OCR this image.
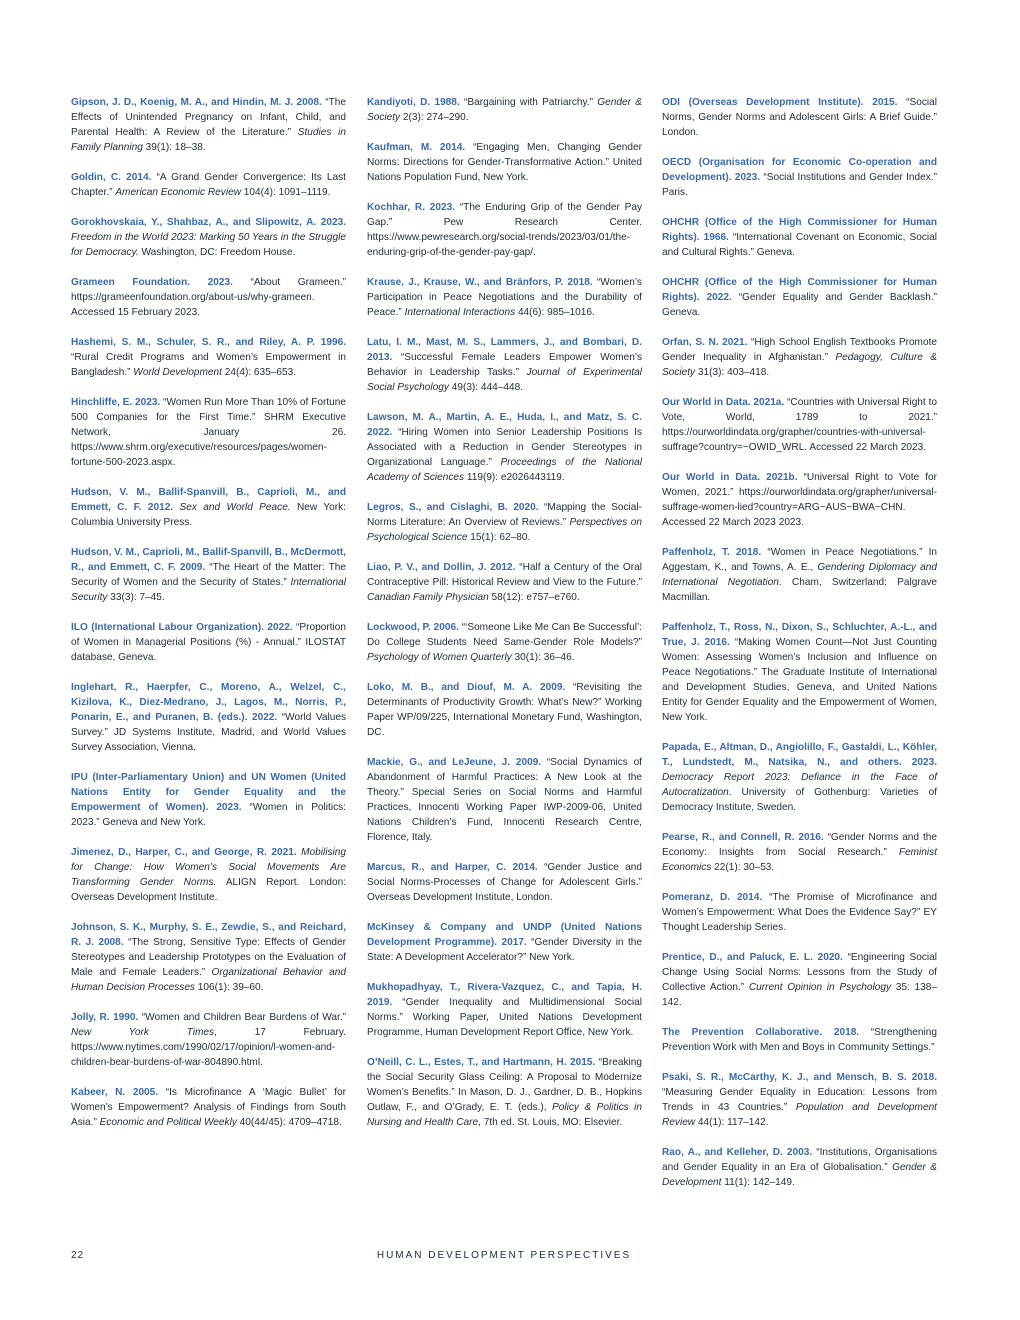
Gipson, J. D., Koenig, M. A., and Hindin, M. J. 2008. “The Effects of Unintended Pregnancy on Infant, Child, and Parental Health: A Review of the Literature.” Studies in Family Planning 39(1): 18–38.

Goldin, C. 2014. “A Grand Gender Convergence: Its Last Chapter.” American Economic Review 104(4): 1091–1119.

Gorokhovskaia, Y., Shahbaz, A., and Slipowitz, A. 2023. Freedom in the World 2023: Marking 50 Years in the Struggle for Democracy. Washington, DC: Freedom House.

Grameen Foundation. 2023. “About Grameen.” https://grameenfoundation.org/about-us/why-grameen. Accessed 15 February 2023.

Hashemi, S. M., Schuler, S. R., and Riley, A. P. 1996. “Rural Credit Programs and Women’s Empowerment in Bangladesh.” World Development 24(4): 635–653.

Hinchliffe, E. 2023. “Women Run More Than 10% of Fortune 500 Companies for the First Time.” SHRM Executive Network, January 26. https://www.shrm.org/executive/resources/pages/women-fortune-500-2023.aspx.

Hudson, V. M., Ballif-Spanvill, B., Caprioli, M., and Emmett, C. F. 2012. Sex and World Peace. New York: Columbia University Press.

Hudson, V. M., Caprioli, M., Ballif-Spanvill, B., McDermott, R., and Emmett, C. F. 2009. “The Heart of the Matter: The Security of Women and the Security of States.” International Security 33(3): 7–45.

ILO (International Labour Organization). 2022. “Proportion of Women in Managerial Positions (%) - Annual.” ILOSTAT database, Geneva.

Inglehart, R., Haerpfer, C., Moreno, A., Welzel, C., Kizilova, K., Diez-Medrano, J., Lagos, M., Norris, P., Ponarin, E., and Puranen, B. (eds.). 2022. “World Values Survey.” JD Systems Institute, Madrid, and World Values Survey Association, Vienna.

IPU (Inter-Parliamentary Union) and UN Women (United Nations Entity for Gender Equality and the Empowerment of Women). 2023. “Women in Politics: 2023.” Geneva and New York.

Jimenez, D., Harper, C., and George, R. 2021. Mobilising for Change: How Women’s Social Movements Are Transforming Gender Norms. ALIGN Report. London: Overseas Development Institute.

Johnson, S. K., Murphy, S. E., Zewdie, S., and Reichard, R. J. 2008. “The Strong, Sensitive Type: Effects of Gender Stereotypes and Leadership Prototypes on the Evaluation of Male and Female Leaders.” Organizational Behavior and Human Decision Processes 106(1): 39–60.

Jolly, R. 1990. “Women and Children Bear Burdens of War.” New York Times, 17 February. https://www.nytimes.com/1990/02/17/opinion/l-women-and-children-bear-burdens-of-war-804890.html.

Kabeer, N. 2005. “Is Microfinance A ‘Magic Bullet’ for Women’s Empowerment? Analysis of Findings from South Asia.” Economic and Political Weekly 40(44/45): 4709–4718.

Kandiyoti, D. 1988. “Bargaining with Patriarchy.” Gender & Society 2(3): 274–290.

Kaufman, M. 2014. “Engaging Men, Changing Gender Norms: Directions for Gender-Transformative Action.” United Nations Population Fund, New York.

Kochhar, R. 2023. “The Enduring Grip of the Gender Pay Gap.” Pew Research Center. https://www.pewresearch.org/social-trends/2023/03/01/the-enduring-grip-of-the-gender-pay-gap/.

Krause, J., Krause, W., and Bränfors, P. 2018. “Women’s Participation in Peace Negotiations and the Durability of Peace.” International Interactions 44(6): 985–1016.

Latu, I. M., Mast, M. S., Lammers, J., and Bombari, D. 2013. “Successful Female Leaders Empower Women’s Behavior in Leadership Tasks.” Journal of Experimental Social Psychology 49(3): 444–448.

Lawson, M. A., Martin, A. E., Huda, I., and Matz, S. C. 2022. “Hiring Women into Senior Leadership Positions Is Associated with a Reduction in Gender Stereotypes in Organizational Language.” Proceedings of the National Academy of Sciences 119(9): e2026443119.

Legros, S., and Cislaghi, B. 2020. “Mapping the Social-Norms Literature: An Overview of Reviews.” Perspectives on Psychological Science 15(1): 62–80.

Liao, P. V., and Dollin, J. 2012. “Half a Century of the Oral Contraceptive Pill: Historical Review and View to the Future.” Canadian Family Physician 58(12): e757–e760.

Lockwood, P. 2006. “‘Someone Like Me Can Be Successful’: Do College Students Need Same-Gender Role Models?” Psychology of Women Quarterly 30(1): 36–46.

Loko, M. B., and Diouf, M. A. 2009. “Revisiting the Determinants of Productivity Growth: What’s New?” Working Paper WP/09/225, International Monetary Fund, Washington, DC.

Mackie, G., and LeJeune, J. 2009. “Social Dynamics of Abandonment of Harmful Practices: A New Look at the Theory.” Special Series on Social Norms and Harmful Practices, Innocenti Working Paper IWP-2009-06, United Nations Children’s Fund, Innocenti Research Centre, Florence, Italy.

Marcus, R., and Harper, C. 2014. “Gender Justice and Social Norms-Processes of Change for Adolescent Girls.” Overseas Development Institute, London.

McKinsey & Company and UNDP (United Nations Development Programme). 2017. “Gender Diversity in the State: A Development Accelerator?” New York.

Mukhopadhyay, T., Rivera-Vazquez, C., and Tapia, H. 2019. “Gender Inequality and Multidimensional Social Norms.” Working Paper, United Nations Development Programme, Human Development Report Office, New York.

O’Neill, C. L., Estes, T., and Hartmann, H. 2015. “Breaking the Social Security Glass Ceiling: A Proposal to Modernize Women’s Benefits.” In Mason, D. J., Gardner, D. B., Hopkins Outlaw, F., and O’Grady, E. T. (eds.), Policy & Politics in Nursing and Health Care, 7th ed. St. Louis, MO: Elsevier.

ODI (Overseas Development Institute). 2015. “Social Norms, Gender Norms and Adolescent Girls: A Brief Guide.” London.

OECD (Organisation for Economic Co-operation and Development). 2023. “Social Institutions and Gender Index.” Paris.

OHCHR (Office of the High Commissioner for Human Rights). 1966. “International Covenant on Economic, Social and Cultural Rights.” Geneva.

OHCHR (Office of the High Commissioner for Human Rights). 2022. “Gender Equality and Gender Backlash.” Geneva.

Orfan, S. N. 2021. “High School English Textbooks Promote Gender Inequality in Afghanistan.” Pedagogy, Culture & Society 31(3): 403–418.

Our World in Data. 2021a. “Countries with Universal Right to Vote, World, 1789 to 2021.” https://ourworldindata.org/grapher/countries-with-universal-suffrage?country=~OWID_WRL. Accessed 22 March 2023.

Our World in Data. 2021b. “Universal Right to Vote for Women, 2021.” https://ourworldindata.org/grapher/universal-suffrage-women-lied?country=ARG~AUS~BWA~CHN. Accessed 22 March 2023 2023.

Paffenholz, T. 2018. “Women in Peace Negotiations.” In Aggestam, K., and Towns, A. E., Gendering Diplomacy and International Negotiation. Cham, Switzerland: Palgrave Macmillan.

Paffenholz, T., Ross, N., Dixon, S., Schluchter, A.-L., and True, J. 2016. “Making Women Count—Not Just Counting Women: Assessing Women’s Inclusion and Influence on Peace Negotiations.” The Graduate Institute of International and Development Studies, Geneva, and United Nations Entity for Gender Equality and the Empowerment of Women, New York.

Papada, E., Altman, D., Angiolillo, F., Gastaldi, L., Köhler, T., Lundstedt, M., Natsika, N., and others. 2023. Democracy Report 2023: Defiance in the Face of Autocratization. University of Gothenburg: Varieties of Democracy Institute, Sweden.

Pearse, R., and Connell, R. 2016. “Gender Norms and the Economy: Insights from Social Research.” Feminist Economics 22(1): 30–53.

Pomeranz, D. 2014. “The Promise of Microfinance and Women’s Empowerment: What Does the Evidence Say?” EY Thought Leadership Series.

Prentice, D., and Paluck, E. L. 2020. “Engineering Social Change Using Social Norms: Lessons from the Study of Collective Action.” Current Opinion in Psychology 35: 138–142.

The Prevention Collaborative. 2018. “Strengthening Prevention Work with Men and Boys in Community Settings.”

Psaki, S. R., McCarthy, K. J., and Mensch, B. S. 2018. “Measuring Gender Equality in Education: Lessons from Trends in 43 Countries.” Population and Development Review 44(1): 117–142.

Rao, A., and Kelleher, D. 2003. “Institutions, Organisations and Gender Equality in an Era of Globalisation.” Gender & Development 11(1): 142–149.

22	HUMAN DEVELOPMENT PERSPECTIVES
